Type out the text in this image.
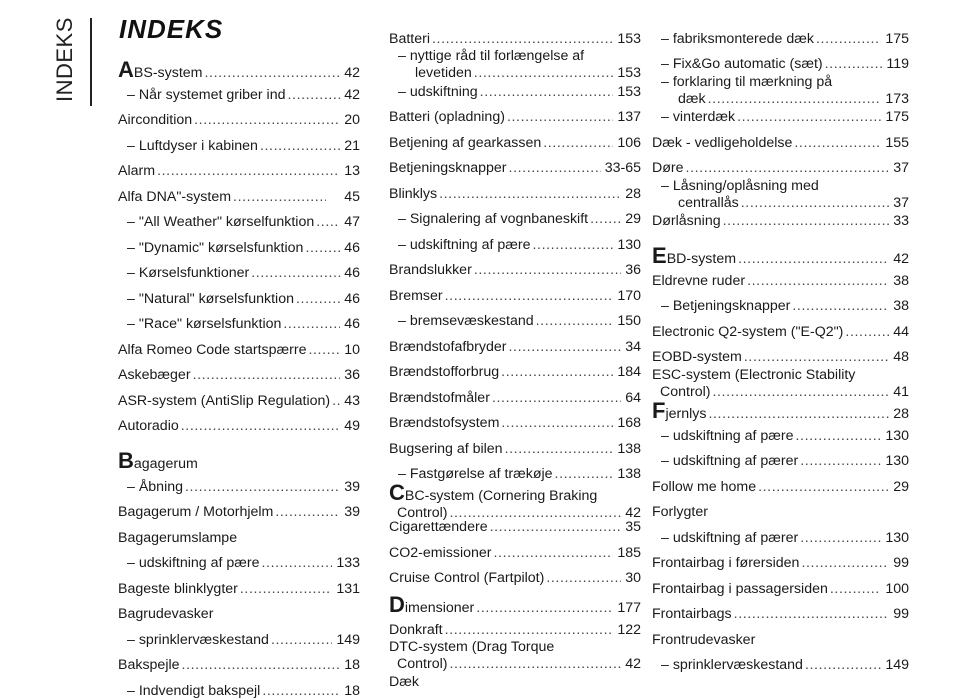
INDEKS INDEKS
ABS-system .....	42
– Når systemet griber ind .....	42
Aircondition .....	20
– Luftdyser i kabinen .....	21
Alarm .....	13
Alfa DNA"-system .....	45
– "All Weather" kørselfunktion ..... 47
– "Dynamic" kørselsfunktion .....	46
– Kørselsfunktioner .....	46
– "Natural" kørselsfunktion .....	46
– "Race" kørselsfunktion .....	46
Alfa Romeo Code startspærre .....	10
Askebæger .....	36
ASR-system (AntiSlip Regulation) ..... 43
Autoradio .....	49
Bagagerum
– Åbning .....	39
Bagagerum / Motorhjelm .....	39
Bagagerumslampe
– udskiftning af pære .....	133
Bageste blinklygter .....	131
Bagrudevasker
– sprinklervæskestand .....	149
Bakspejle .....	18
– Indvendigt bakspejl .....	18
Batteri .....	153
– nyttige råd til forlængelse af
levetiden .....	153
– udskiftning .....	153
Batteri (opladning) .....	137
Betjening af gearkassen .....	106
Betjeningsknapper .....	33-65
Blinklys .....	28
– Signalering af vognbaneskift .....	29
– udskiftning af pære .....	130
Brandslukker .....	36
Bremser .....	170
– bremsevæskestand .....	150
Brændstofafbryder .....	34
Brændstofforbrug .....	184
Brændstofmåler .....	64
Brændstofsystem .....	168
Bugsering af bilen .....	138
– Fastgørelse af trækøje .....	138
CBC-system (Cornering Braking
Control) .....	42
Cigarettændere .....	35
CO2-emissioner .....	185
Cruise Control (Fartpilot) .....	30
Dimensioner .....	177
Donkraft .....	122
DTC-system (Drag Torque
Control) .....	42
Dæk
– fabriksmonterede dæk .....	175
– Fix&Go automatic (sæt) .....	119
– forklaring til mærkning på
dæk .....	173
– vinterdæk .....	175
Dæk - vedligeholdelse .....	155
Døre .....	37
– Låsning/oplåsning med
centrallås .....	37
Dørlåsning .....	33
EBD-system .....	42
Eldrevne ruder .....	38
– Betjeningsknapper .....	38
Electronic Q2-system ("E-Q2") .....	44
EOBD-system .....	48
ESC-system (Electronic Stability
Control) .....	41
Fjernlys .....	28
– udskiftning af pære .....	130
– udskiftning af pærer .....	130
Follow me home .....	29
Forlygter
– udskiftning af pærer .....	130
Frontairbag i førersiden .....	99
Frontairbag i passagersiden .....	100
Frontairbags .....	99
Frontrudevasker
– sprinklervæskestand .....	149
